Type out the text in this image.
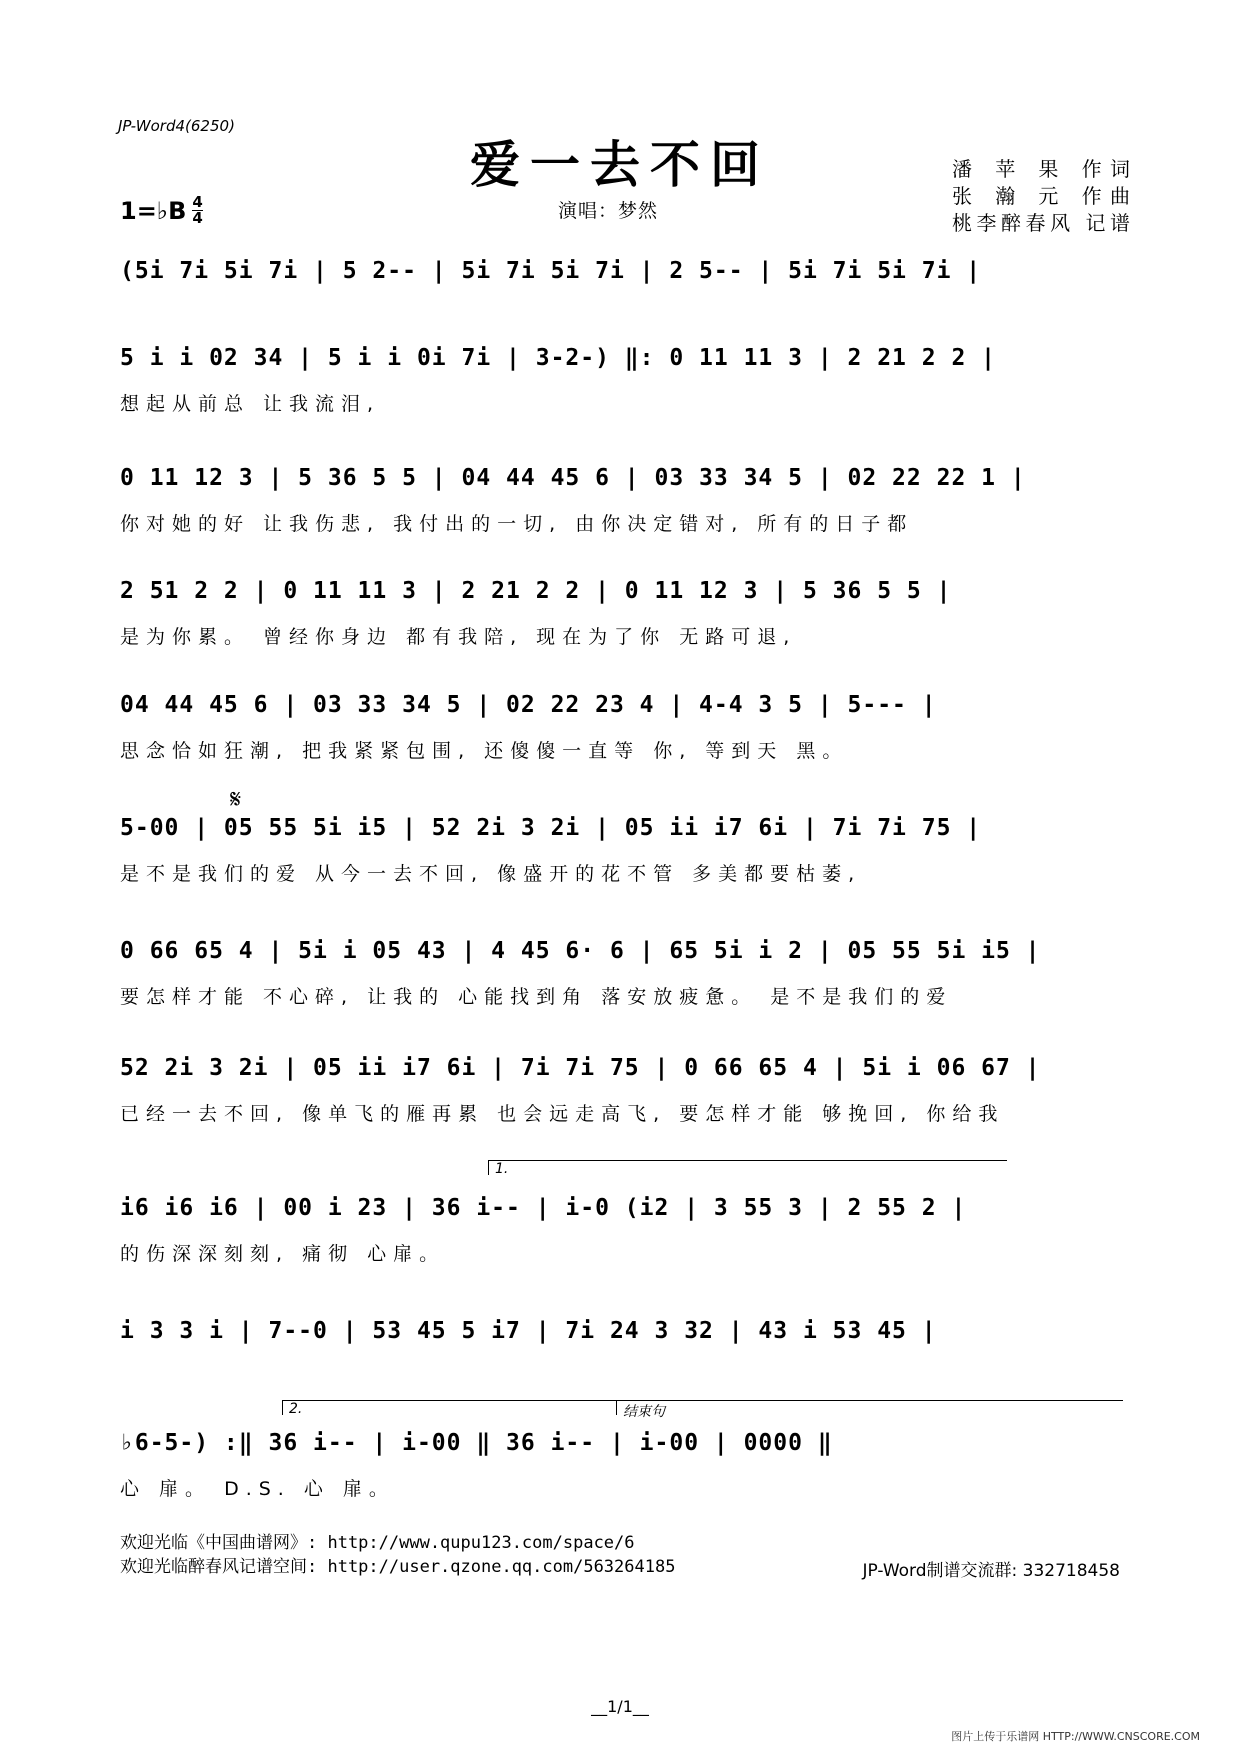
JP-Word4(6250)
爱一去不回
1=♭B $\frac{4}{4}$	演唱：梦然
潘 苹 果 作词
张 瀚 元 作曲
桃李醉春风 记谱
(5i 7i 5i 7i | 5 2-- | 5i 7i 5i 7i | 2 5-- | 5i 7i 5i 7i |
5 i i 02 34 | 5 i i 0i 7i | 3-2-) ‖: 0 11 11 3 | 2 21 2 2 |
想起从前总 让我流泪,
0 11 12 3 | 5 36 5 5 | 04 44 45 6 | 03 33 34 5 | 02 22 22 1 |
你对她的好 让我伤悲, 我付出的一切, 由你决定错对, 所有的日子都
2 51 2 2 | 0 11 11 3 | 2 21 2 2 | 0 11 12 3 | 5 36 5 5 |
是为你累。 曾经你身边 都有我陪, 现在为了你 无路可退,
04 44 45 6 | 03 33 34 5 | 02 22 23 4 | 4-4 3 5 | 5--- |
思念恰如狂潮, 把我紧紧包围, 还傻傻一直等 你, 等到天 黑。
5-00 | 05 55 5i i5 | 52 2i 3 2i | 05 ii i7 6i | 7i 7i 75 |
是不是我们的爱 从今一去不回, 像盛开的花不管 多美都要枯萎,
0 66 65 4 | 5i i 05 43 | 4 45 6· 6 | 65 5i i 2 | 05 55 5i i5 |
要怎样才能 不心碎, 让我的 心能找到角 落安放疲惫。 是不是我们的爱
52 2i 3 2i | 05 ii i7 6i | 7i 7i 75 | 0 66 65 4 | 5i i 06 67 |
已经一去不回, 像单飞的雁再累 也会远走高飞, 要怎样才能 够挽回, 你给我
i6 i6 i6 | 00 i 23 | 36 i-- | i-0 (i2 | 3 55 3 | 2 55 2 |
的伤深深刻刻, 痛彻 心扉。
i 3 3 i | 7--0 | 53 45 5 i7 | 7i 24 3 32 | 43 i 53 45 |
♭6-5-) :‖ 36 i-- | i-00 ‖ 36 i-- | i-00 | 0000 ‖
心 扉。 D.S. 心 扉。
𝄋
1.
2.	结束句
欢迎光临《中国曲谱网》: http://www.qupu123.com/space/6
欢迎光临醉春风记谱空间: http://user.qzone.qq.com/563264185	JP-Word制谱交流群: 332718458
__1/1__
图片上传于乐谱网 HTTP://WWW.CNSCORE.COM
